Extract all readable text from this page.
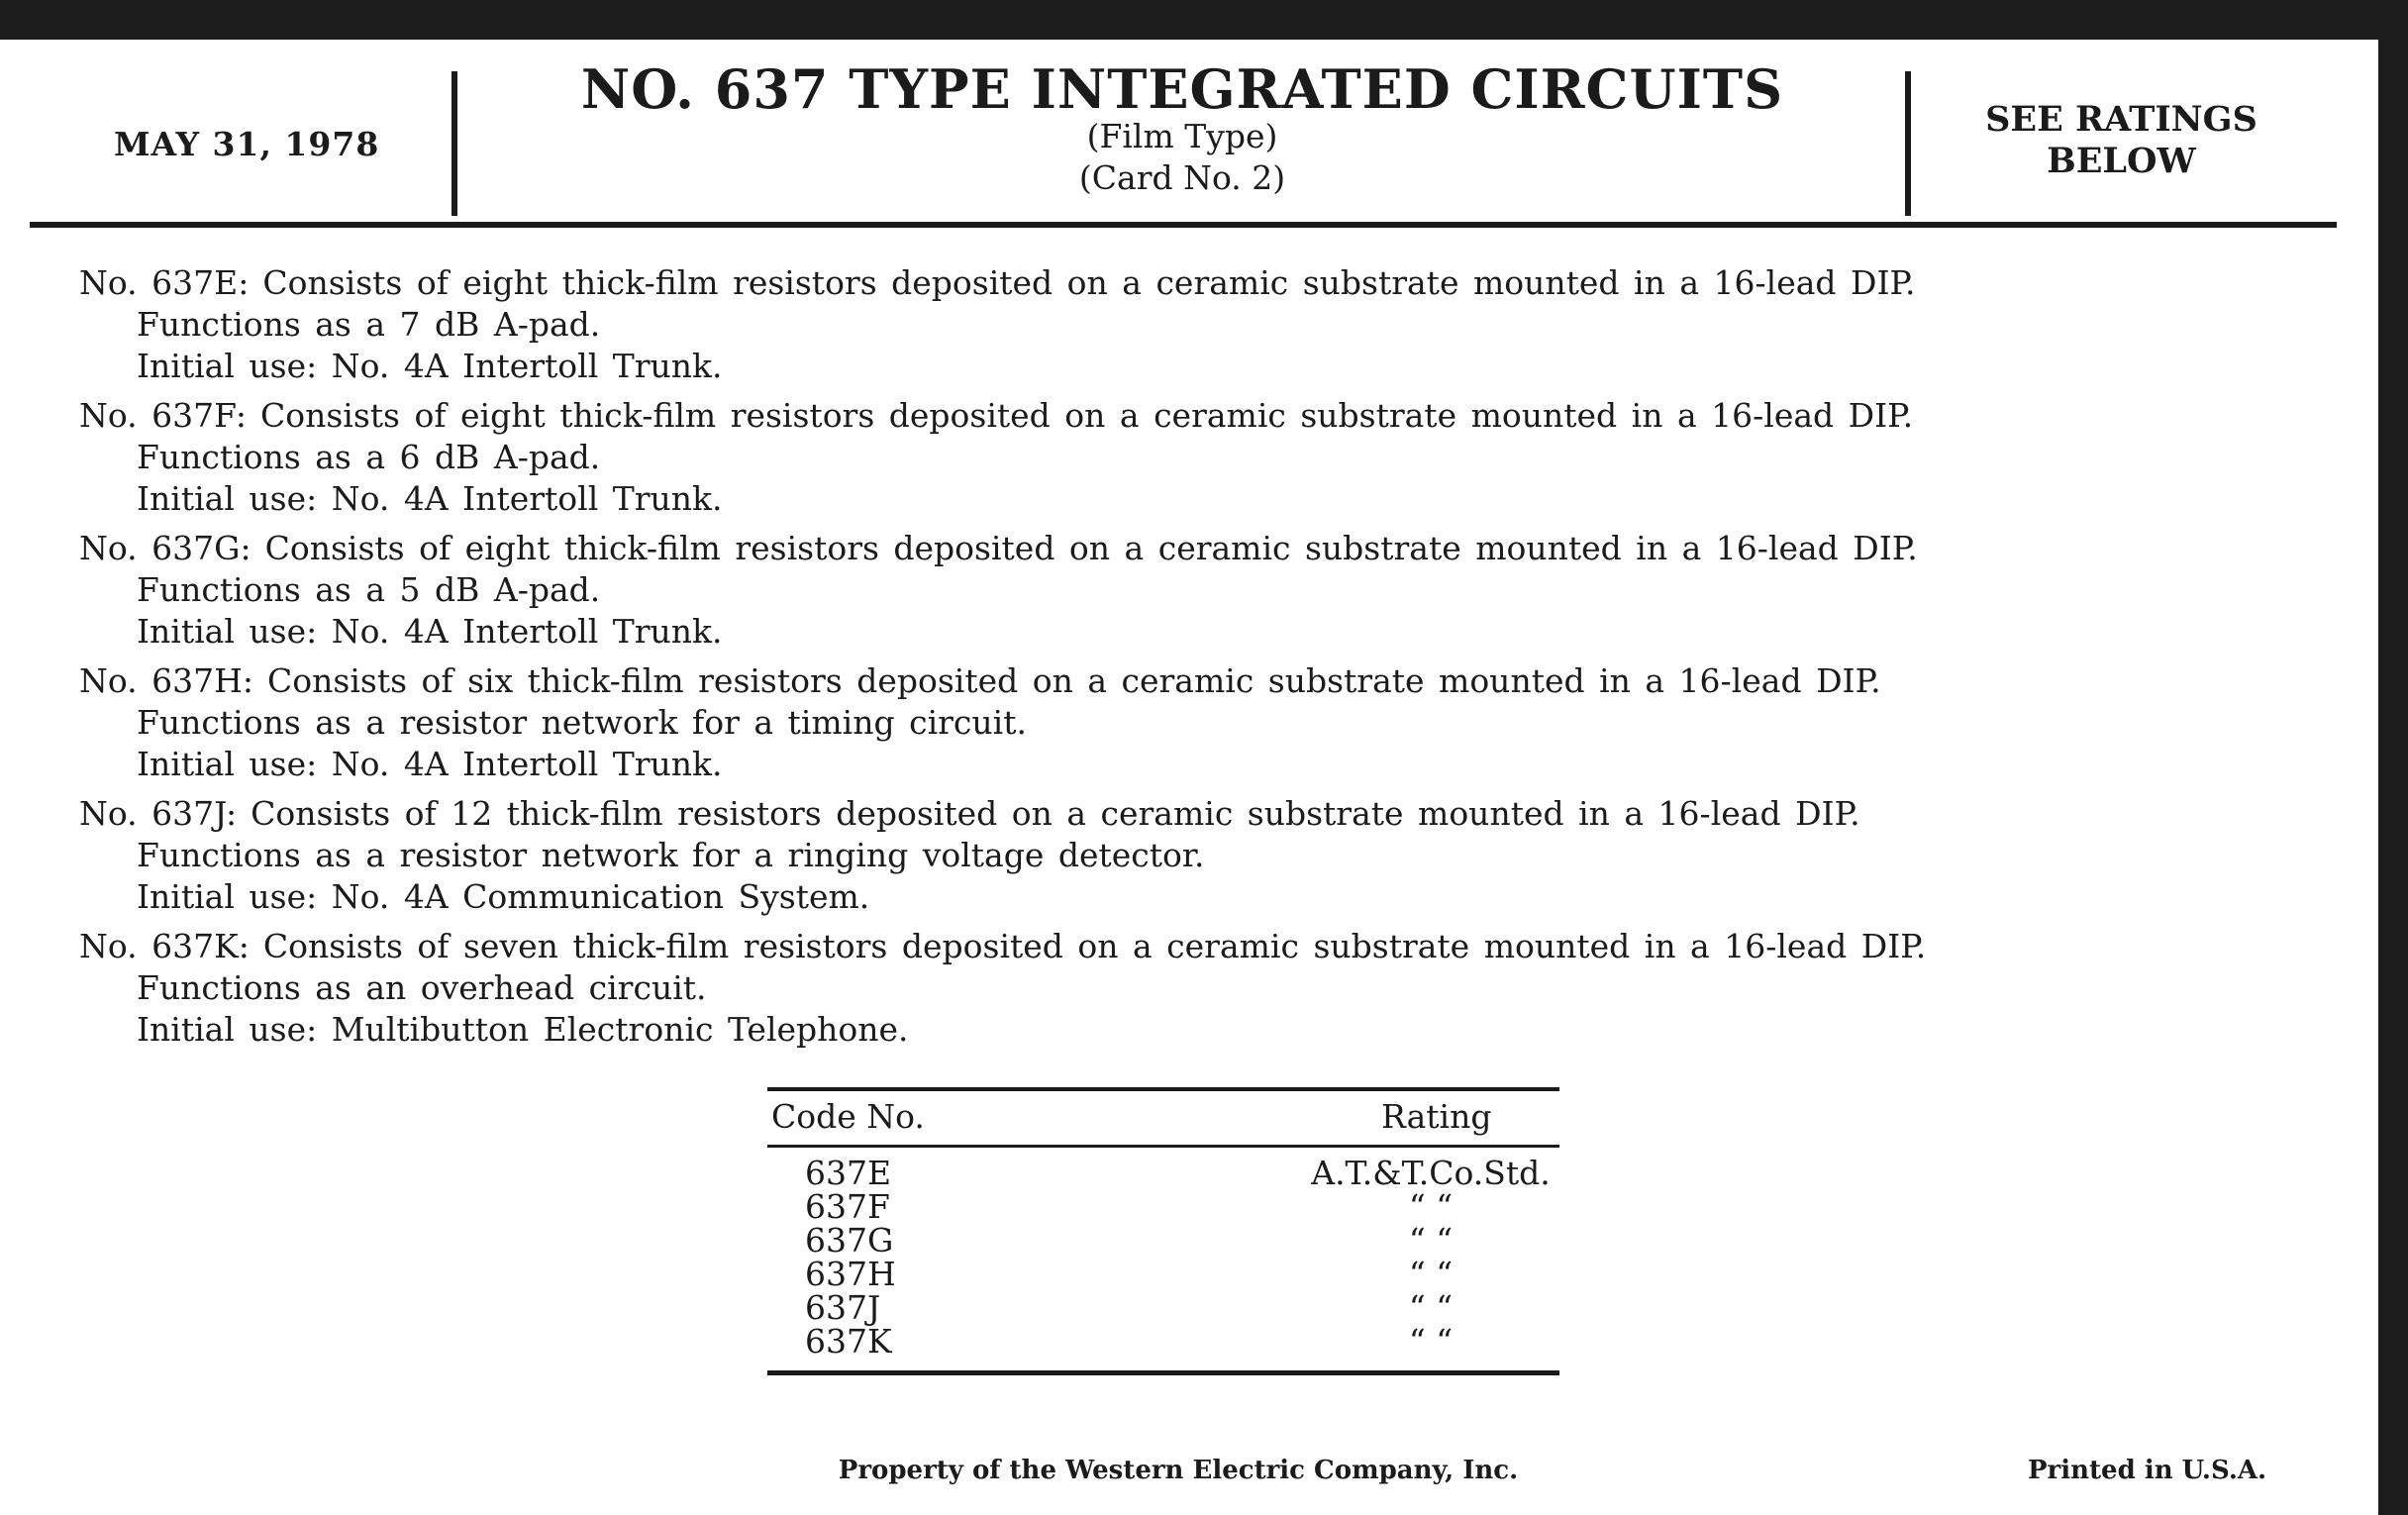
MAY 31, 1978
NO. 637 TYPE INTEGRATED CIRCUITS
(Film Type)
(Card No. 2)
SEE RATINGS
BELOW
No. 637E: Consists of eight thick-film resistors deposited on a ceramic substrate mounted in a 16-lead DIP.
Functions as a 7 dB A-pad.
Initial use: No. 4A Intertoll Trunk.
No. 637F: Consists of eight thick-film resistors deposited on a ceramic substrate mounted in a 16-lead DIP.
Functions as a 6 dB A-pad.
Initial use: No. 4A Intertoll Trunk.
No. 637G: Consists of eight thick-film resistors deposited on a ceramic substrate mounted in a 16-lead DIP.
Functions as a 5 dB A-pad.
Initial use: No. 4A Intertoll Trunk.
No. 637H: Consists of six thick-film resistors deposited on a ceramic substrate mounted in a 16-lead DIP.
Functions as a resistor network for a timing circuit.
Initial use: No. 4A Intertoll Trunk.
No. 637J: Consists of 12 thick-film resistors deposited on a ceramic substrate mounted in a 16-lead DIP.
Functions as a resistor network for a ringing voltage detector.
Initial use: No. 4A Communication System.
No. 637K: Consists of seven thick-film resistors deposited on a ceramic substrate mounted in a 16-lead DIP.
Functions as an overhead circuit.
Initial use: Multibutton Electronic Telephone.
Code No.	Rating
637E	A.T.&T.Co.Std.
637F	“ “
637G	“ “
637H	“ “
637J	“ “
637K	“ “
Property of the Western Electric Company, Inc.	Printed in U.S.A.
